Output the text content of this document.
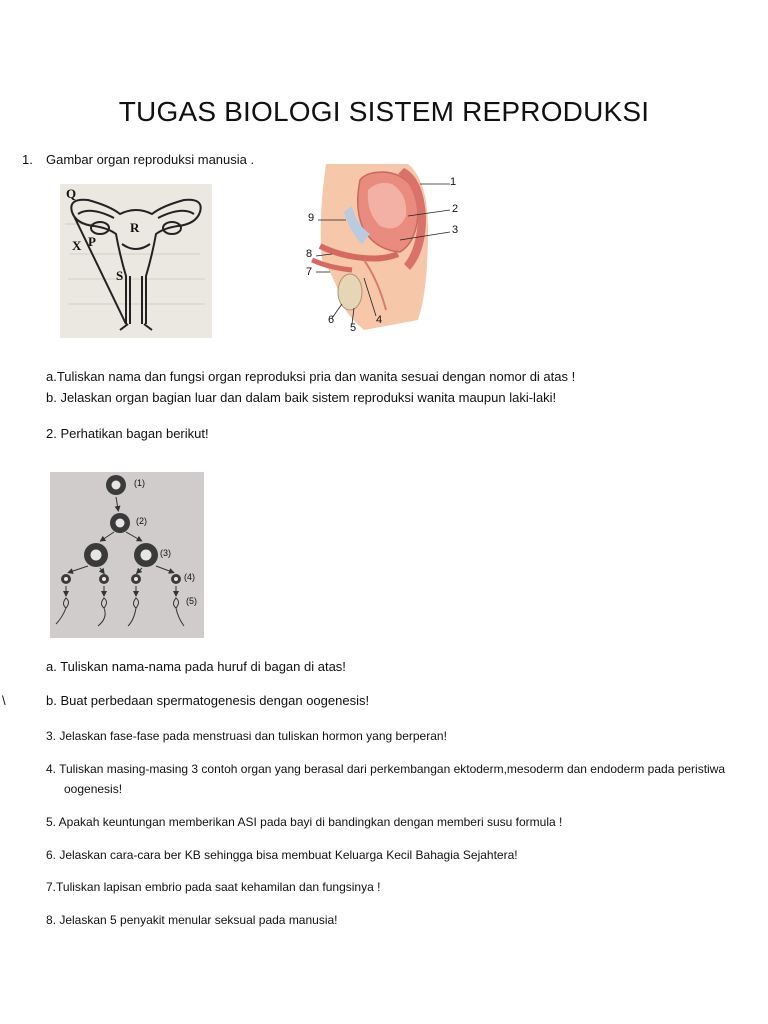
TUGAS BIOLOGI SISTEM REPRODUKSI
1. Gambar organ reproduksi manusia .
Q
R
X P
S
1
2
3
4
5
6
7
8
9
a.Tuliskan nama dan fungsi organ reproduksi pria dan wanita sesuai dengan nomor di atas !
b. Jelaskan organ bagian luar dan dalam baik sistem reproduksi wanita maupun laki-laki!
2. Perhatikan bagan berikut!
(1)
(2)
(3)
(4)
(5)
a. Tuliskan nama-nama pada huruf di bagan di atas!
\	b. Buat perbedaan spermatogenesis dengan oogenesis!
3. Jelaskan fase-fase pada menstruasi dan tuliskan hormon yang berperan!
4. Tuliskan masing-masing 3 contoh organ yang berasal dari perkembangan ektoderm,mesoderm dan endoderm pada peristiwa
oogenesis!
5. Apakah keuntungan memberikan ASI pada bayi di bandingkan dengan memberi susu formula !
6. Jelaskan cara-cara ber KB sehingga bisa membuat Keluarga Kecil Bahagia Sejahtera!
7.Tuliskan lapisan embrio pada saat kehamilan dan fungsinya !
8. Jelaskan 5 penyakit menular seksual pada manusia!
